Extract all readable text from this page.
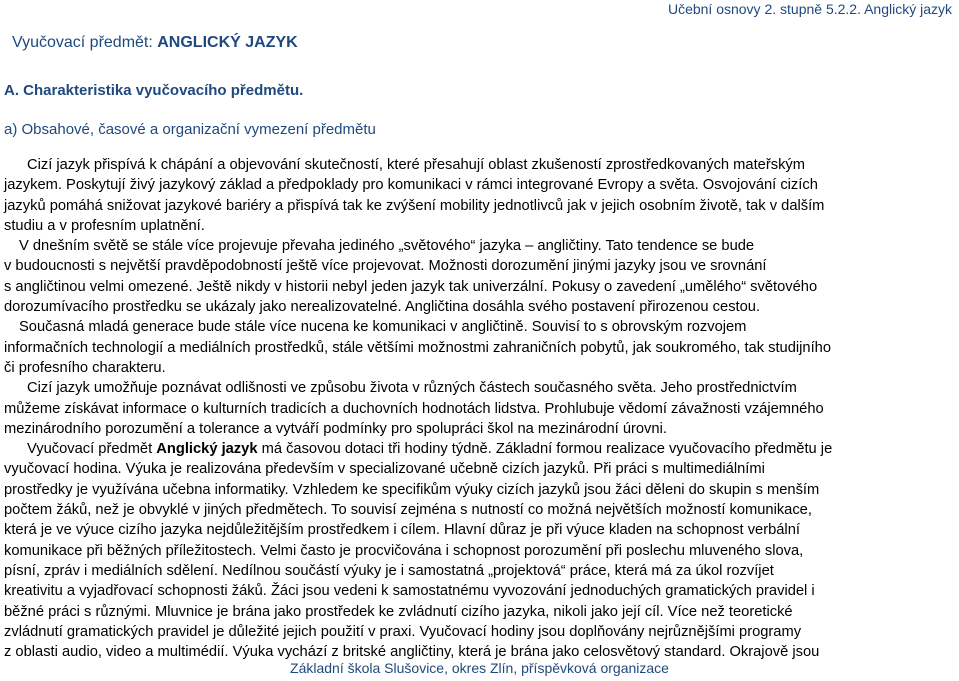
Učební osnovy 2. stupně 5.2.2. Anglický jazyk
Vyučovací předmět: ANGLICKÝ JAZYK
A. Charakteristika vyučovacího předmětu.
a) Obsahové, časové a organizační vymezení předmětu

Cizí jazyk přispívá k chápání a objevování skutečností, které přesahují oblast zkušeností zprostředkovaných mateřským

jazykem. Poskytují živý jazykový základ a předpoklady pro komunikaci v rámci integrované Evropy a světa. Osvojování cizích
jazyků pomáhá snižovat jazykové bariéry a přispívá tak ke zvýšení mobility jednotlivců jak v jejich osobním životě, tak v dalším
studiu a v profesním uplatnění.
V dnešním světě se stále více projevuje převaha jediného „světového“ jazyka – angličtiny. Tato tendence se bude
v budoucnosti s největší pravděpodobností ještě více projevovat. Možnosti dorozumění jinými jazyky jsou ve srovnání
s angličtinou velmi omezené. Ještě nikdy v historii nebyl jeden jazyk tak univerzální. Pokusy o zavedení „umělého“ světového
dorozumívacího prostředku se ukázaly jako nerealizovatelné. Angličtina dosáhla svého postavení přirozenou cestou.
Současná mladá generace bude stále více nucena ke komunikaci v angličtině. Souvisí to s obrovským rozvojem
informačních technologií a mediálních prostředků, stále většími možnostmi zahraničních pobytů, jak soukromého, tak studijního
či profesního charakteru.
Cizí jazyk umožňuje poznávat odlišnosti ve způsobu života v různých částech současného světa. Jeho prostřednictvím
můžeme získávat informace o kulturních tradicích a duchovních hodnotách lidstva. Prohlubuje vědomí závažnosti vzájemného
mezinárodního porozumění a tolerance a vytváří podmínky pro spolupráci škol na mezinárodní úrovni.
Vyučovací předmět Anglický jazyk má časovou dotaci tři hodiny týdně. Základní formou realizace vyučovacího předmětu je
vyučovací hodina. Výuka je realizována především v specializované učebně cizích jazyků. Při práci s multimediálními
prostředky je využívána učebna informatiky. Vzhledem ke specifikům výuky cizích jazyků jsou žáci děleni do skupin s menším
počtem žáků, než je obvyklé v jiných předmětech. To souvisí zejména s nutností co možná největších možností komunikace,
která je ve výuce cizího jazyka nejdůležitějším prostředkem i cílem. Hlavní důraz je při výuce kladen na schopnost verbální
komunikace při běžných příležitostech. Velmi často je procvičována i schopnost porozumění při poslechu mluveného slova,
písní, zpráv i mediálních sdělení. Nedílnou součástí výuky je i samostatná „projektová“ práce, která má za úkol rozvíjet
kreativitu a vyjadřovací schopnosti žáků. Žáci jsou vedeni k samostatnému vyvozování jednoduchých gramatických pravidel i
běžné práci s různými. Mluvnice je brána jako prostředek ke zvládnutí cizího jazyka, nikoli jako její cíl. Více než teoretické
zvládnutí gramatických pravidel je důležité jejich použití v praxi. Vyučovací hodiny jsou doplňovány nejrůznějšími programy
z oblasti audio, video a multimédií. Výuka vychází z britské angličtiny, která je brána jako celosvětový standard. Okrajově jsou
Základní škola Slušovice, okres Zlín, příspěvková organizace
